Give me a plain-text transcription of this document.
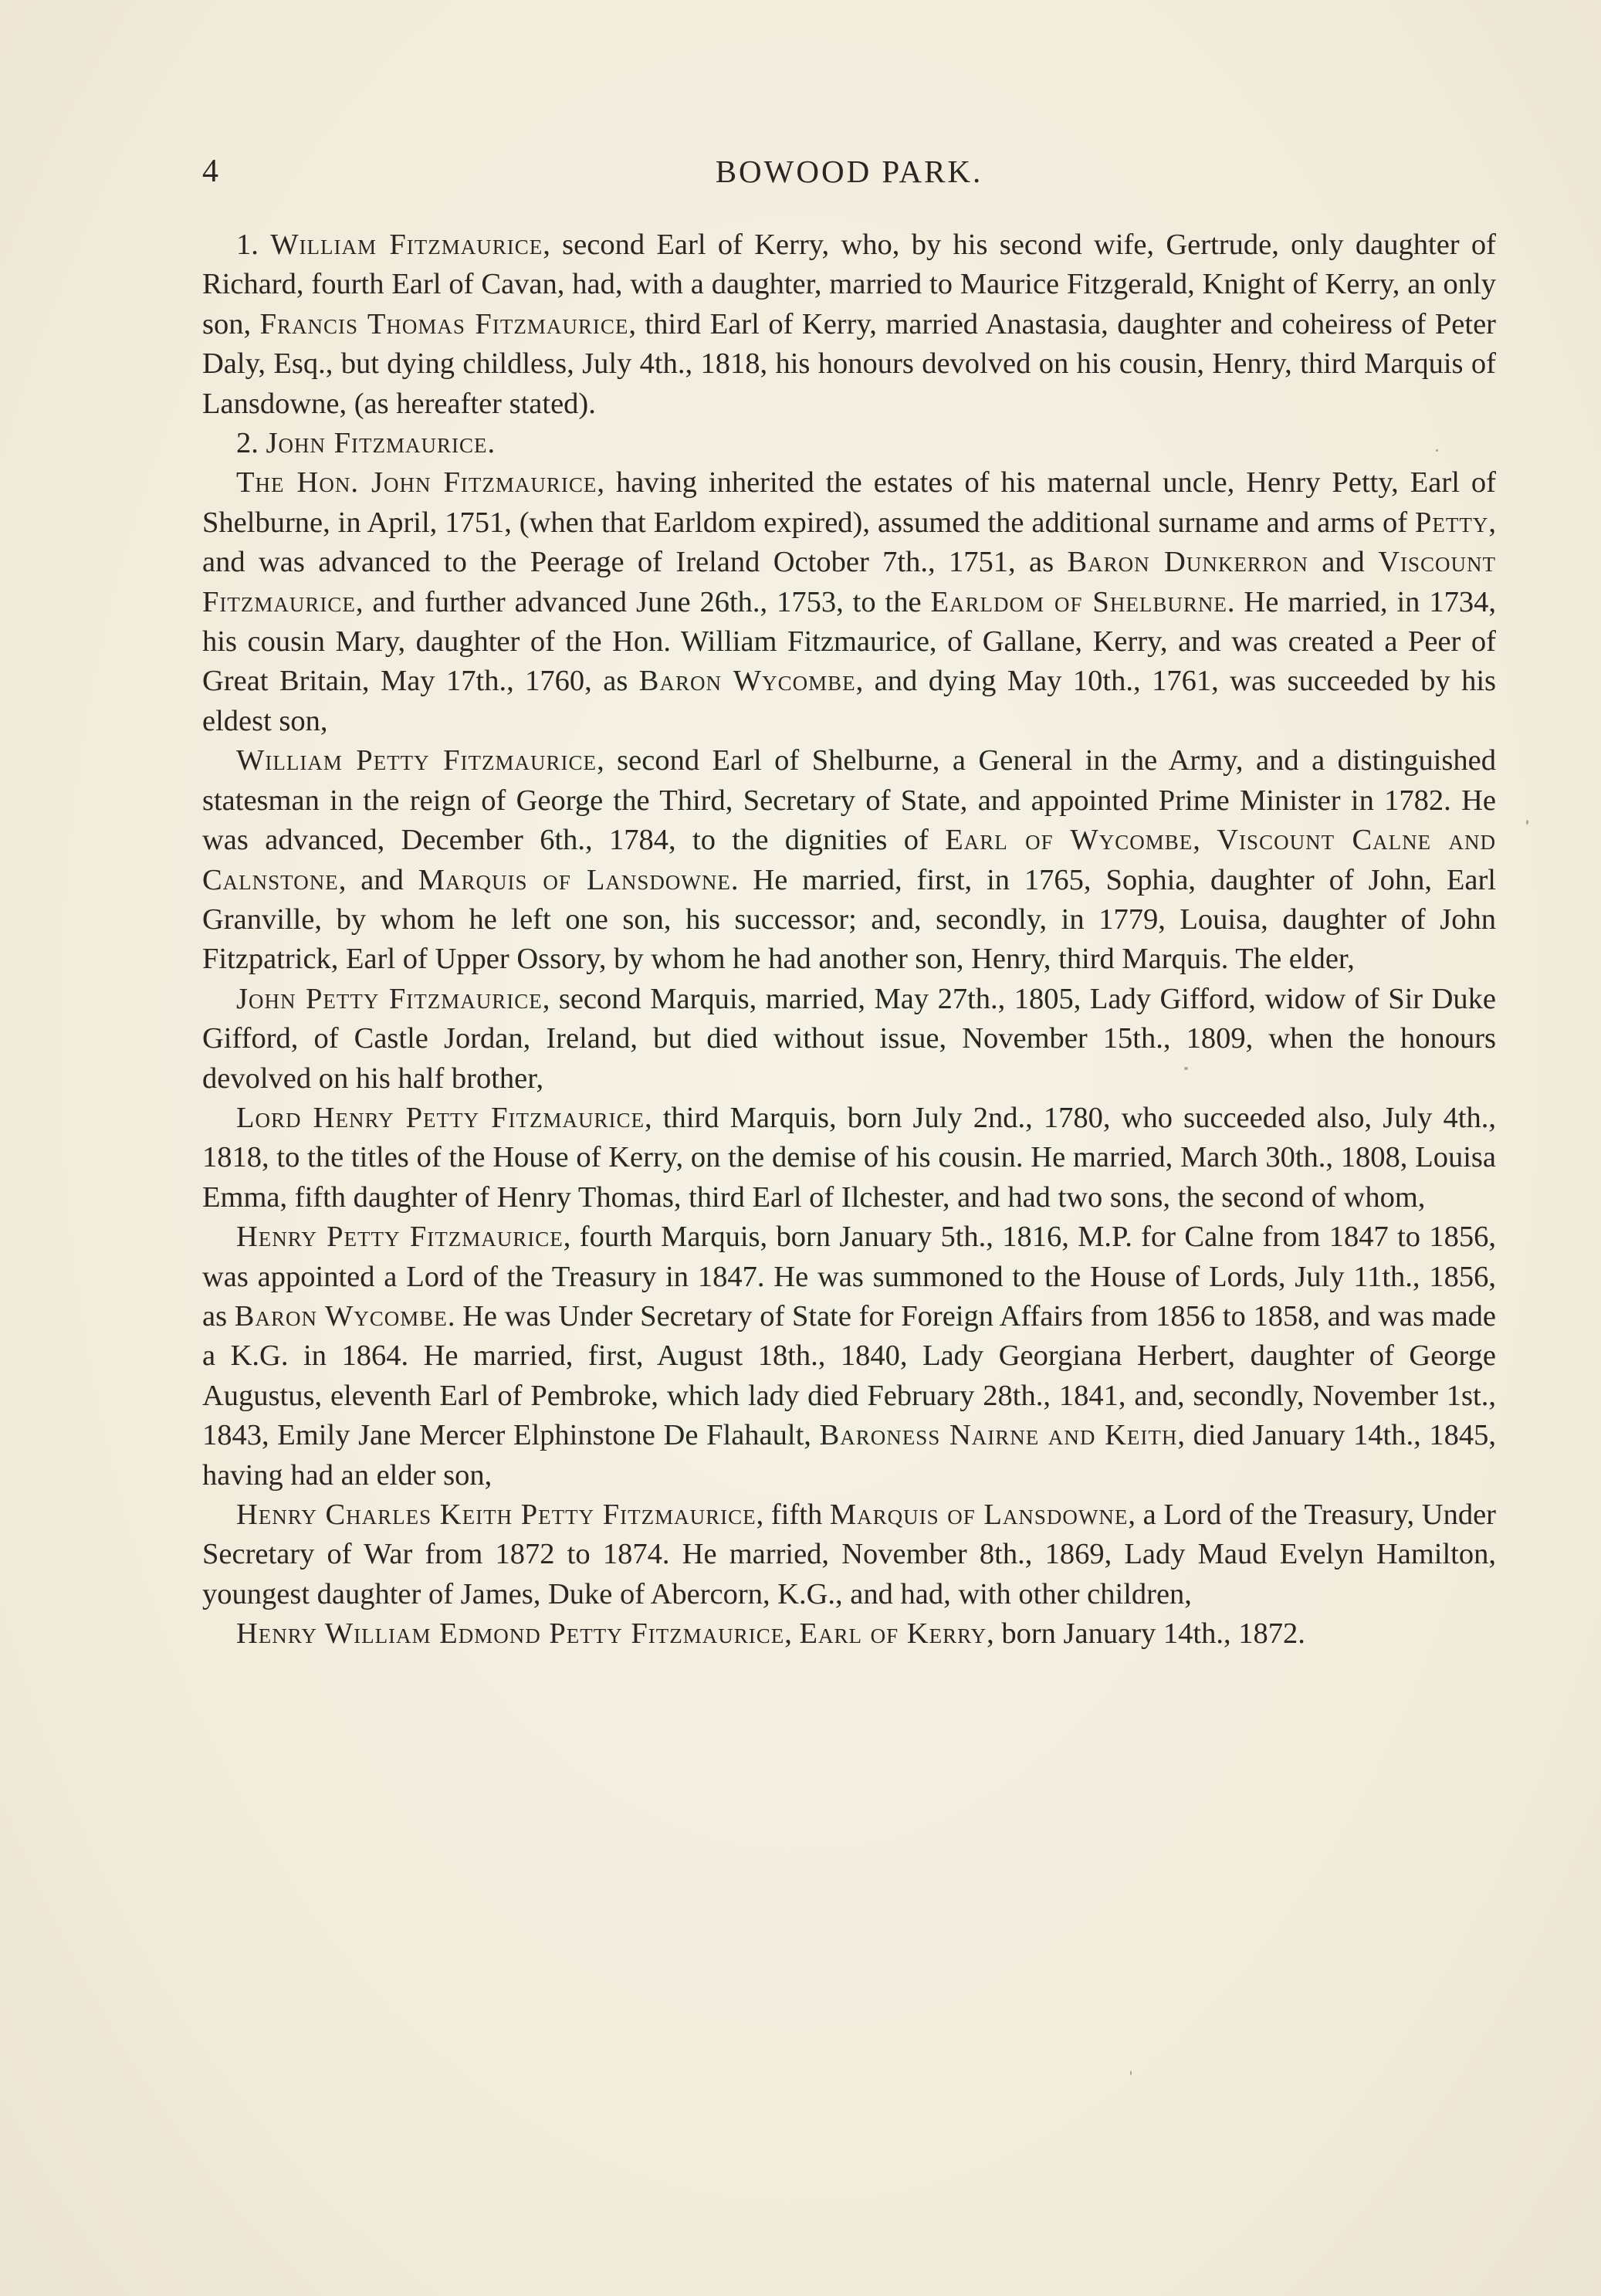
4	BOWOOD PARK.

1. William Fitzmaurice, second Earl of Kerry, who, by his second wife, Gertrude, only daughter of Richard, fourth Earl of Cavan, had, with a daughter, married to Maurice Fitzgerald, Knight of Kerry, an only son, Francis Thomas Fitzmaurice, third Earl of Kerry, married Anastasia, daughter and coheiress of Peter Daly, Esq., but dying childless, July 4th., 1818, his honours devolved on his cousin, Henry, third Marquis of Lansdowne, (as hereafter stated).

2. John Fitzmaurice.

The Hon. John Fitzmaurice, having inherited the estates of his maternal uncle, Henry Petty, Earl of Shelburne, in April, 1751, (when that Earldom expired), assumed the additional surname and arms of Petty, and was advanced to the Peerage of Ireland October 7th., 1751, as Baron Dunkerron and Viscount Fitzmaurice, and further advanced June 26th., 1753, to the Earldom of Shelburne. He married, in 1734, his cousin Mary, daughter of the Hon. William Fitzmaurice, of Gallane, Kerry, and was created a Peer of Great Britain, May 17th., 1760, as Baron Wycombe, and dying May 10th., 1761, was succeeded by his eldest son,

William Petty Fitzmaurice, second Earl of Shelburne, a General in the Army, and a distinguished statesman in the reign of George the Third, Secretary of State, and appointed Prime Minister in 1782. He was advanced, December 6th., 1784, to the dignities of Earl of Wycombe, Viscount Calne and Calnstone, and Marquis of Lansdowne. He married, first, in 1765, Sophia, daughter of John, Earl Granville, by whom he left one son, his successor; and, secondly, in 1779, Louisa, daughter of John Fitzpatrick, Earl of Upper Ossory, by whom he had another son, Henry, third Marquis. The elder,

John Petty Fitzmaurice, second Marquis, married, May 27th., 1805, Lady Gifford, widow of Sir Duke Gifford, of Castle Jordan, Ireland, but died without issue, November 15th., 1809, when the honours devolved on his half brother,

Lord Henry Petty Fitzmaurice, third Marquis, born July 2nd., 1780, who succeeded also, July 4th., 1818, to the titles of the House of Kerry, on the demise of his cousin. He married, March 30th., 1808, Louisa Emma, fifth daughter of Henry Thomas, third Earl of Ilchester, and had two sons, the second of whom,

Henry Petty Fitzmaurice, fourth Marquis, born January 5th., 1816, M.P. for Calne from 1847 to 1856, was appointed a Lord of the Treasury in 1847. He was summoned to the House of Lords, July 11th., 1856, as Baron Wycombe. He was Under Secretary of State for Foreign Affairs from 1856 to 1858, and was made a K.G. in 1864. He married, first, August 18th., 1840, Lady Georgiana Herbert, daughter of George Augustus, eleventh Earl of Pembroke, which lady died February 28th., 1841, and, secondly, November 1st., 1843, Emily Jane Mercer Elphinstone De Flahault, Baroness Nairne and Keith, died January 14th., 1845, having had an elder son,

Henry Charles Keith Petty Fitzmaurice, fifth Marquis of Lansdowne, a Lord of the Treasury, Under Secretary of War from 1872 to 1874. He married, November 8th., 1869, Lady Maud Evelyn Hamilton, youngest daughter of James, Duke of Abercorn, K.G., and had, with other children,

Henry William Edmond Petty Fitzmaurice, Earl of Kerry, born January 14th., 1872.
